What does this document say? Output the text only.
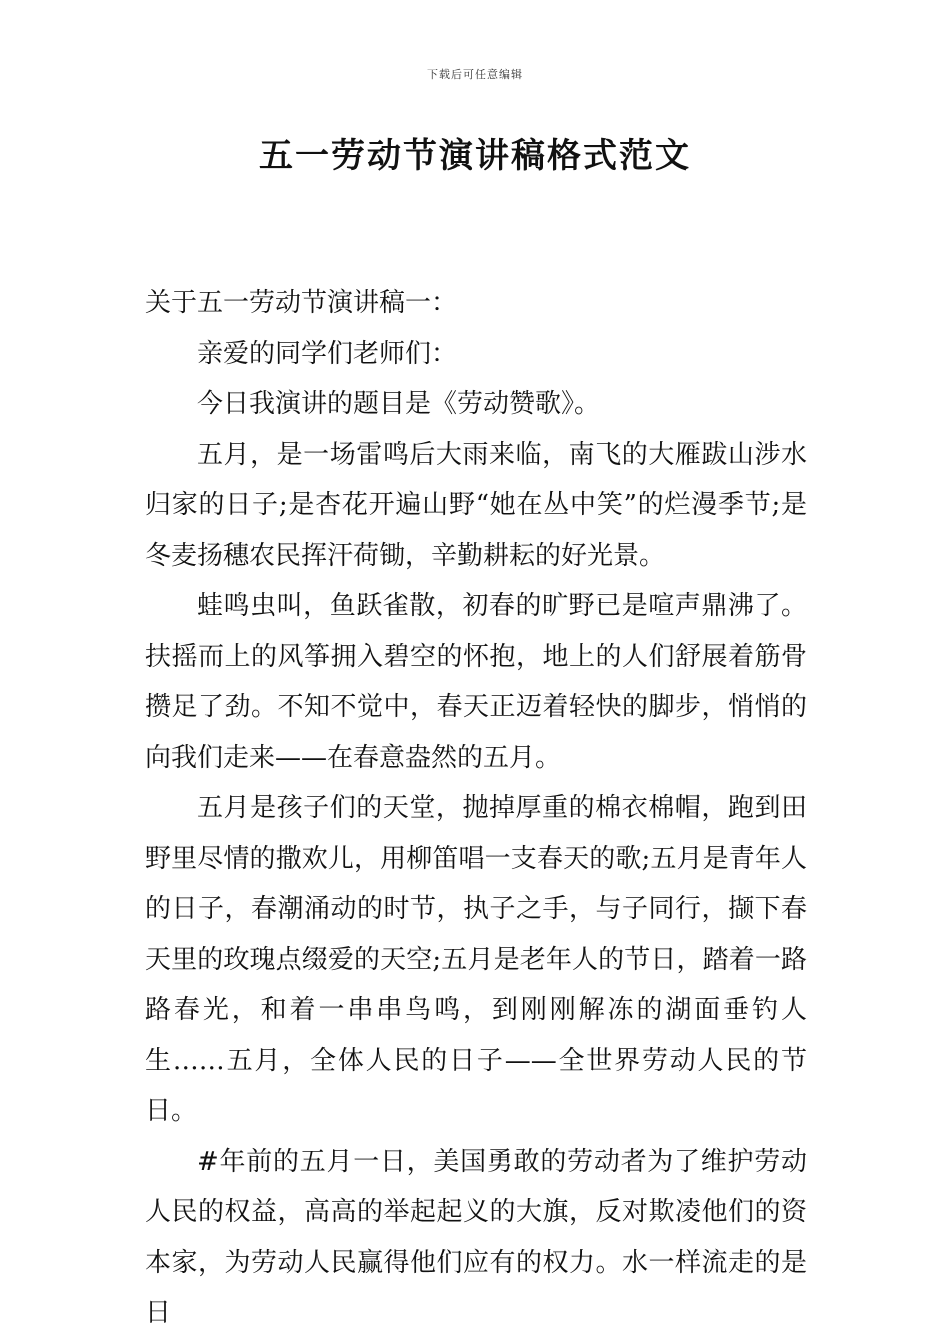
下载后可任意编辑
五一劳动节演讲稿格式范文

关于五一劳动节演讲稿一：

亲爱的同学们老师们：

今日我演讲的题目是《劳动赞歌》。

五月，是一场雷鸣后大雨来临，南飞的大雁跋山涉水归家的日子;是杏花开遍山野“她在丛中笑”的烂漫季节;是冬麦扬穗农民挥汗荷锄，辛勤耕耘的好光景。

蛙鸣虫叫，鱼跃雀散，初春的旷野已是喧声鼎沸了。扶摇而上的风筝拥入碧空的怀抱，地上的人们舒展着筋骨攒足了劲。不知不觉中，春天正迈着轻快的脚步，悄悄的向我们走来——在春意盎然的五月。

五月是孩子们的天堂，抛掉厚重的棉衣棉帽，跑到田野里尽情的撒欢儿，用柳笛唱一支春天的歌;五月是青年人的日子，春潮涌动的时节，执子之手，与子同行，撷下春天里的玫瑰点缀爱的天空;五月是老年人的节日，踏着一路路春光，和着一串串鸟鸣，到刚刚解冻的湖面垂钓人生……五月，全体人民的日子——全世界劳动人民的节日。

#年前的五月一日，美国勇敢的劳动者为了维护劳动人民的权益，高高的举起起义的大旗，反对欺凌他们的资本家，为劳动人民赢得他们应有的权力。水一样流走的是日
